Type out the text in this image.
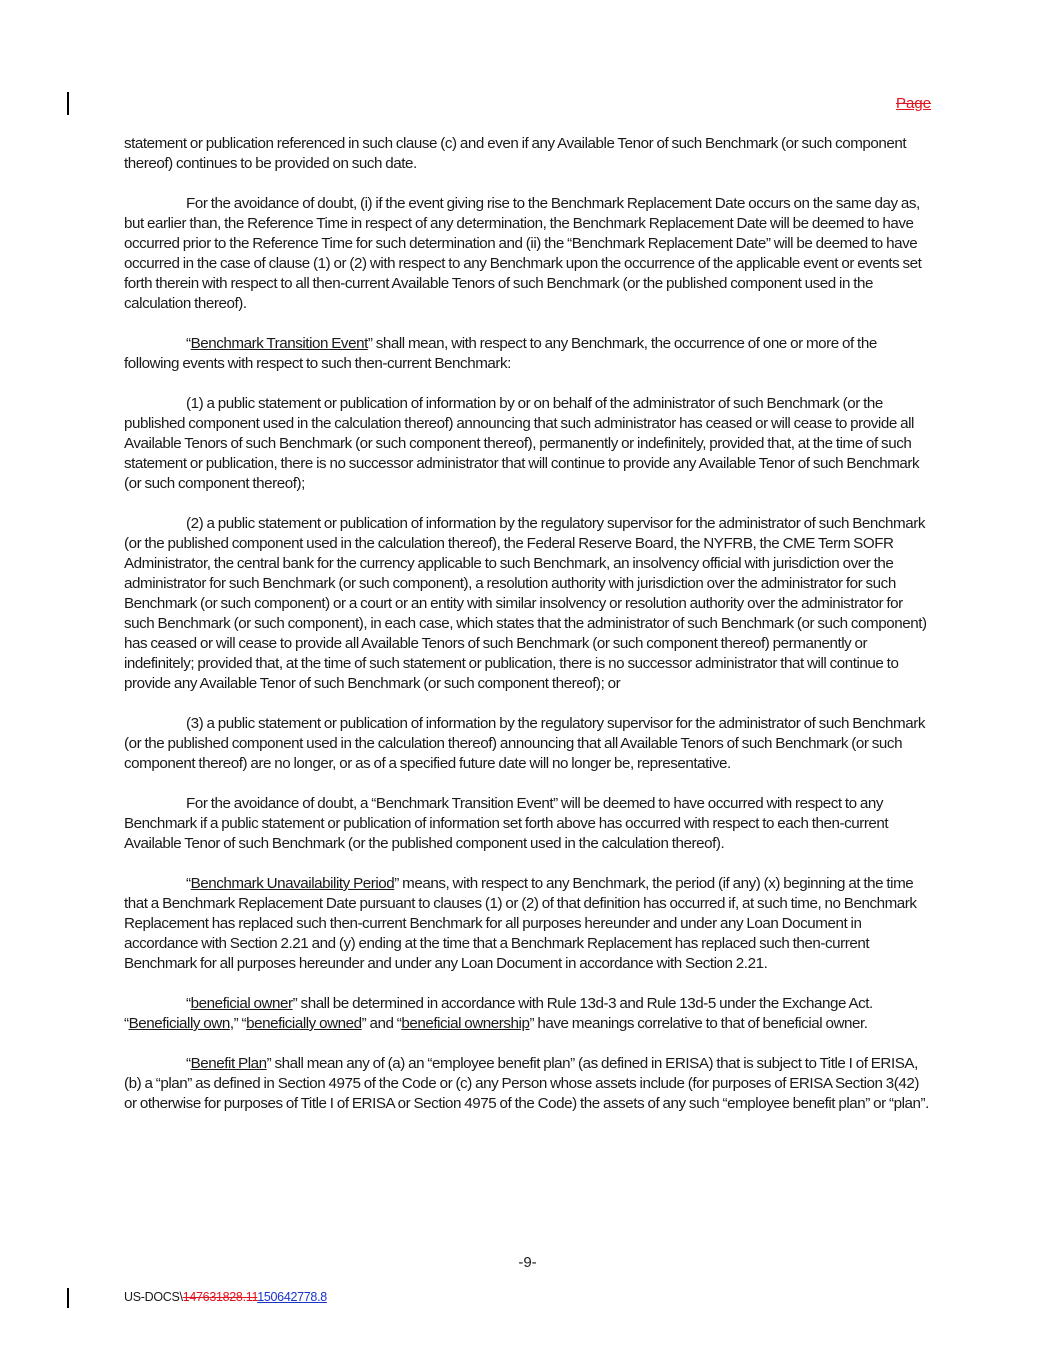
Page

statement or publication referenced in such clause (c) and even if any Available Tenor of such Benchmark (or such component thereof) continues to be provided on such date.

For the avoidance of doubt, (i) if the event giving rise to the Benchmark Replacement Date occurs on the same day as, but earlier than, the Reference Time in respect of any determination, the Benchmark Replacement Date will be deemed to have occurred prior to the Reference Time for such determination and (ii) the “Benchmark Replacement Date” will be deemed to have occurred in the case of clause (1) or (2) with respect to any Benchmark upon the occurrence of the applicable event or events set forth therein with respect to all then-current Available Tenors of such Benchmark (or the published component used in the calculation thereof).

“Benchmark Transition Event” shall mean, with respect to any Benchmark, the occurrence of one or more of the following events with respect to such then-current Benchmark:

(1) a public statement or publication of information by or on behalf of the administrator of such Benchmark (or the published component used in the calculation thereof) announcing that such administrator has ceased or will cease to provide all Available Tenors of such Benchmark (or such component thereof), permanently or indefinitely, provided that, at the time of such statement or publication, there is no successor administrator that will continue to provide any Available Tenor of such Benchmark (or such component thereof);

(2) a public statement or publication of information by the regulatory supervisor for the administrator of such Benchmark (or the published component used in the calculation thereof), the Federal Reserve Board, the NYFRB, the CME Term SOFR Administrator, the central bank for the currency applicable to such Benchmark, an insolvency official with jurisdiction over the administrator for such Benchmark (or such component), a resolution authority with jurisdiction over the administrator for such Benchmark (or such component) or a court or an entity with similar insolvency or resolution authority over the administrator for such Benchmark (or such component), in each case, which states that the administrator of such Benchmark (or such component) has ceased or will cease to provide all Available Tenors of such Benchmark (or such component thereof) permanently or indefinitely; provided that, at the time of such statement or publication, there is no successor administrator that will continue to provide any Available Tenor of such Benchmark (or such component thereof); or

(3) a public statement or publication of information by the regulatory supervisor for the administrator of such Benchmark (or the published component used in the calculation thereof) announcing that all Available Tenors of such Benchmark (or such component thereof) are no longer, or as of a specified future date will no longer be, representative.

For the avoidance of doubt, a “Benchmark Transition Event” will be deemed to have occurred with respect to any Benchmark if a public statement or publication of information set forth above has occurred with respect to each then-current Available Tenor of such Benchmark (or the published component used in the calculation thereof).

“Benchmark Unavailability Period” means, with respect to any Benchmark, the period (if any) (x) beginning at the time that a Benchmark Replacement Date pursuant to clauses (1) or (2) of that definition has occurred if, at such time, no Benchmark Replacement has replaced such then-current Benchmark for all purposes hereunder and under any Loan Document in accordance with Section 2.21 and (y) ending at the time that a Benchmark Replacement has replaced such then-current Benchmark for all purposes hereunder and under any Loan Document in accordance with Section 2.21.

“beneficial owner” shall be determined in accordance with Rule 13d-3 and Rule 13d-5 under the Exchange Act. “Beneficially own,” “beneficially owned” and “beneficial ownership” have meanings correlative to that of beneficial owner.

“Benefit Plan” shall mean any of (a) an “employee benefit plan” (as defined in ERISA) that is subject to Title I of ERISA, (b) a “plan” as defined in Section 4975 of the Code or (c) any Person whose assets include (for purposes of ERISA Section 3(42) or otherwise for purposes of Title I of ERISA or Section 4975 of the Code) the assets of any such “employee benefit plan” or “plan”.

-9-
US-DOCS\147631828.11150642778.8
